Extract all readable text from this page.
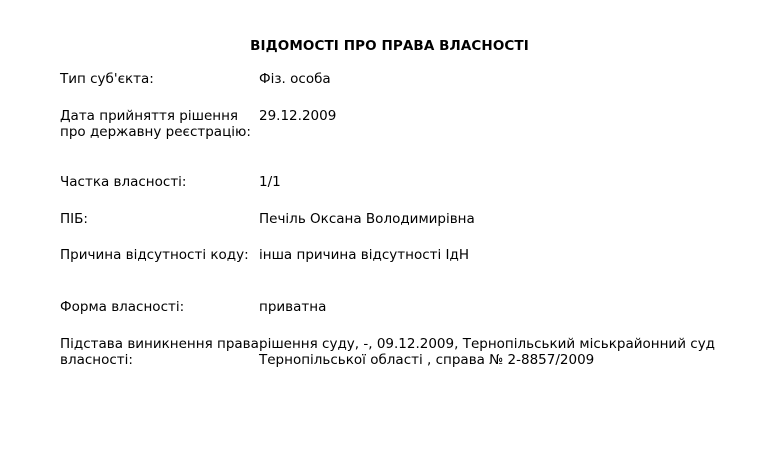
ВІДОМОСТІ ПРО ПРАВА ВЛАСНОСТІ
Тип суб'єкта:	Фіз. особа
Дата прийняття рішення про державну реєстрацію:
29.12.2009
Частка власності:	1/1
ПІБ:	Печіль Оксана Володимирівна
Причина відсутності коду: інша причина відсутності ІдН
Форма власності:	приватна
Підстава виникнення права власності:
рішення суду, -, 09.12.2009, Тернопільський міськрайонний суд Тернопільської області , справа № 2-8857/2009
